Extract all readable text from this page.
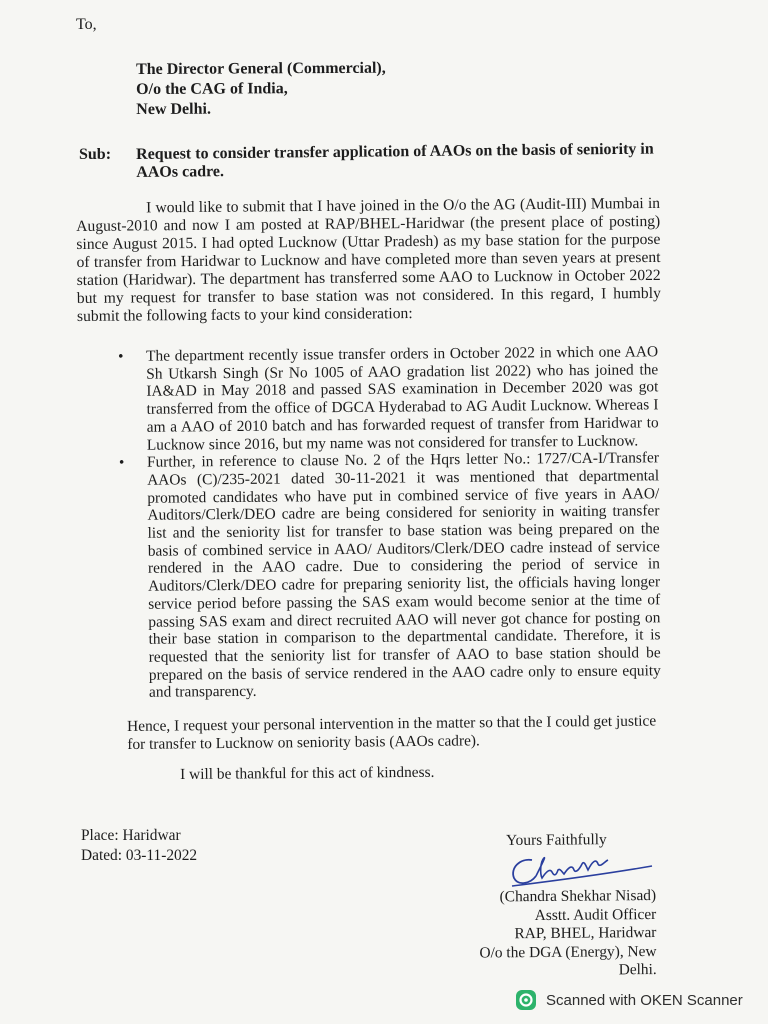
To,
The Director General (Commercial),
O/o the CAG of India,
New Delhi.
Sub: Request to consider transfer application of AAOs on the basis of seniority in AAOs cadre.
I would like to submit that I have joined in the O/o the AG (Audit-III) Mumbai in August-2010 and now I am posted at RAP/BHEL-Haridwar (the present place of posting) since August 2015. I had opted Lucknow (Uttar Pradesh) as my base station for the purpose of transfer from Haridwar to Lucknow and have completed more than seven years at present station (Haridwar). The department has transferred some AAO to Lucknow in October 2022 but my request for transfer to base station was not considered. In this regard, I humbly submit the following facts to your kind consideration:
• The department recently issue transfer orders in October 2022 in which one AAO Sh Utkarsh Singh (Sr No 1005 of AAO gradation list 2022) who has joined the IA&AD in May 2018 and passed SAS examination in December 2020 was got transferred from the office of DGCA Hyderabad to AG Audit Lucknow. Whereas I am a AAO of 2010 batch and has forwarded request of transfer from Haridwar to Lucknow since 2016, but my name was not considered for transfer to Lucknow.
• Further, in reference to clause No. 2 of the Hqrs letter No.: 1727/CA-I/Transfer AAOs (C)/235-2021 dated 30-11-2021 it was mentioned that departmental promoted candidates who have put in combined service of five years in AAO/ Auditors/Clerk/DEO cadre are being considered for seniority in waiting transfer list and the seniority list for transfer to base station was being prepared on the basis of combined service in AAO/ Auditors/Clerk/DEO cadre instead of service rendered in the AAO cadre. Due to considering the period of service in Auditors/Clerk/DEO cadre for preparing seniority list, the officials having longer service period before passing the SAS exam would become senior at the time of passing SAS exam and direct recruited AAO will never got chance for posting on their base station in comparison to the departmental candidate. Therefore, it is requested that the seniority list for transfer of AAO to base station should be prepared on the basis of service rendered in the AAO cadre only to ensure equity and transparency.
Hence, I request your personal intervention in the matter so that the I could get justice for transfer to Lucknow on seniority basis (AAOs cadre).
I will be thankful for this act of kindness.
Place: Haridwar
Dated: 03-11-2022
Yours Faithfully
(Chandra Shekhar Nisad)
Asstt. Audit Officer
RAP, BHEL, Haridwar
O/o the DGA (Energy), New Delhi.
Scanned with OKEN Scanner
